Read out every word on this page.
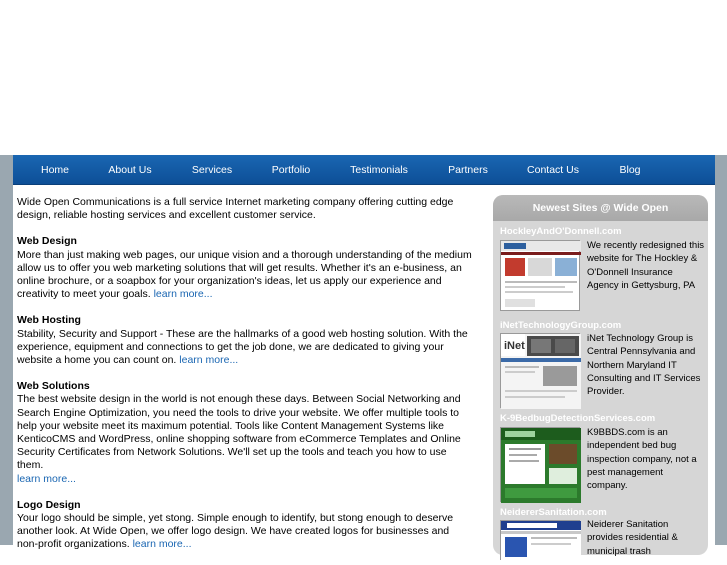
Home	About Us	Services	Portfolio	Testimonials	Partners	Contact Us	Blog

Wide Open Communications is a full service Internet marketing company offering cutting edge design, reliable hosting services and excellent customer service.

Web Design
More than just making web pages, our unique vision and a thorough understanding of the medium allow us to offer you web marketing solutions that will get results. Whether it's an e-business, an online brochure, or a soapbox for your organization's ideas, let us apply our experience and creativity to meet your goals. learn more...

Web Hosting
Stability, Security and Support - These are the hallmarks of a good web hosting solution. With the experience, equipment and connections to get the job done, we are dedicated to giving your website a home you can count on. learn more...

Web Solutions
The best website design in the world is not enough these days. Between Social Networking and Search Engine Optimization, you need the tools to drive your website. We offer multiple tools to help your website meet its maximum potential. Tools like Content Management Systems like KenticoCMS and WordPress, online shopping software from eCommerce Templates and Online Security Certificates from Network Solutions. We'll set up the tools and teach you how to use them.
learn more...

Logo Design
Your logo should be simple, yet stong. Simple enough to identify, but stong enough to deserve another look. At Wide Open, we offer logo design. We have created logos for businesses and non-profit organizations. learn more...

Newest Sites @ Wide Open
HockleyAndO'Donnell.com
We recently redesigned this website for The Hockley & O'Donnell Insurance Agency in Gettysburg, PA
iNetTechnologyGroup.com
iNet
iNet Technology Group is Central Pennsylvania and Northern Maryland IT Consulting and IT Services Provider.
K-9BedbugDetectionServices.com
K9BBDS.com is an independent bed bug inspection company, not a pest management company.
NeidererSanitation.com
Neiderer Sanitation provides residential & municipal trash
